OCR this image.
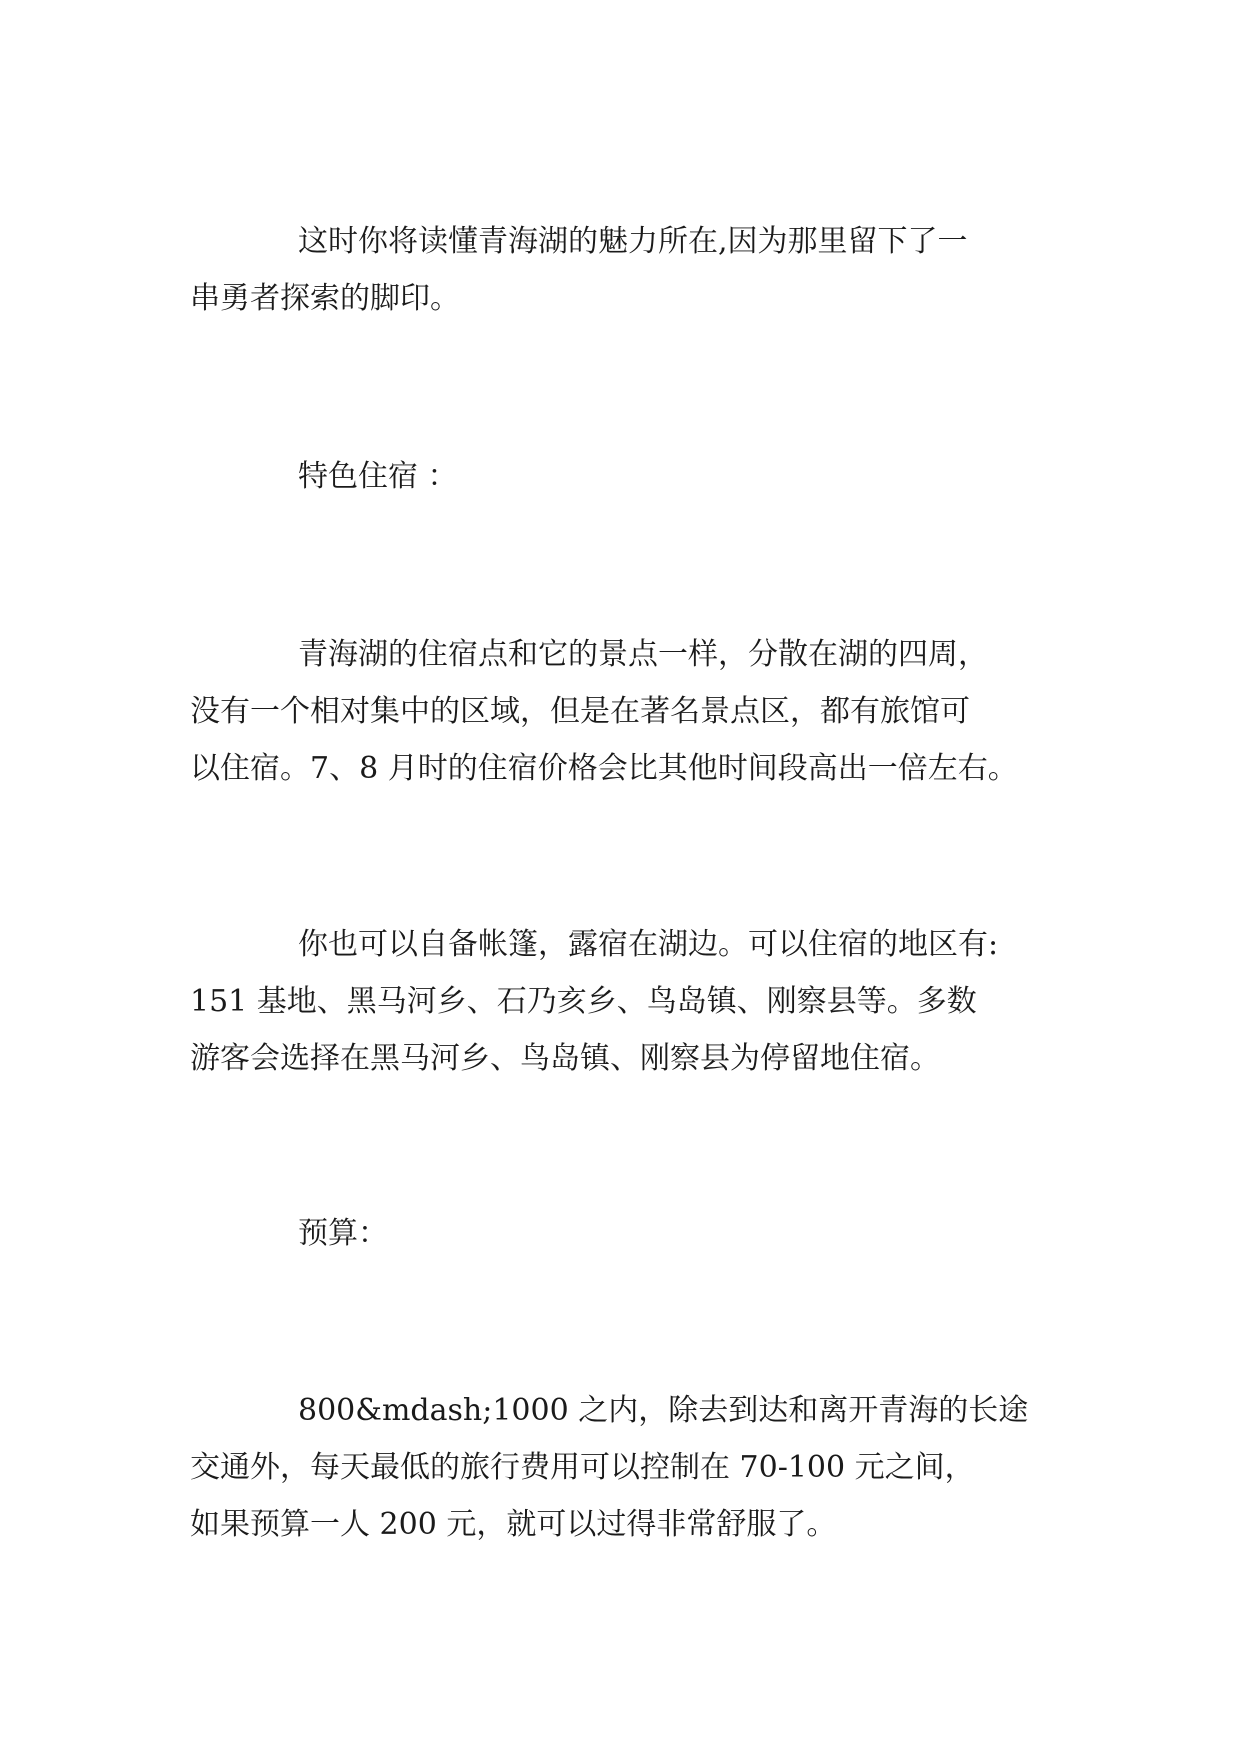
这时你将读懂青海湖的魅力所在,因为那里留下了一
串勇者探索的脚印。

特色住宿 ：

青海湖的住宿点和它的景点一样，分散在湖的四周，
没有一个相对集中的区域，但是在著名景点区，都有旅馆可
以住宿。7、8 月时的住宿价格会比其他时间段高出一倍左右。

你也可以自备帐篷，露宿在湖边。可以住宿的地区有:
151 基地、黑马河乡、石乃亥乡、鸟岛镇、刚察县等。多数
游客会选择在黑马河乡、鸟岛镇、刚察县为停留地住宿。

预算：

800&mdash;1000 之内，除去到达和离开青海的长途
交通外，每天最低的旅行费用可以控制在 70-100 元之间，
如果预算一人 200 元，就可以过得非常舒服了。
